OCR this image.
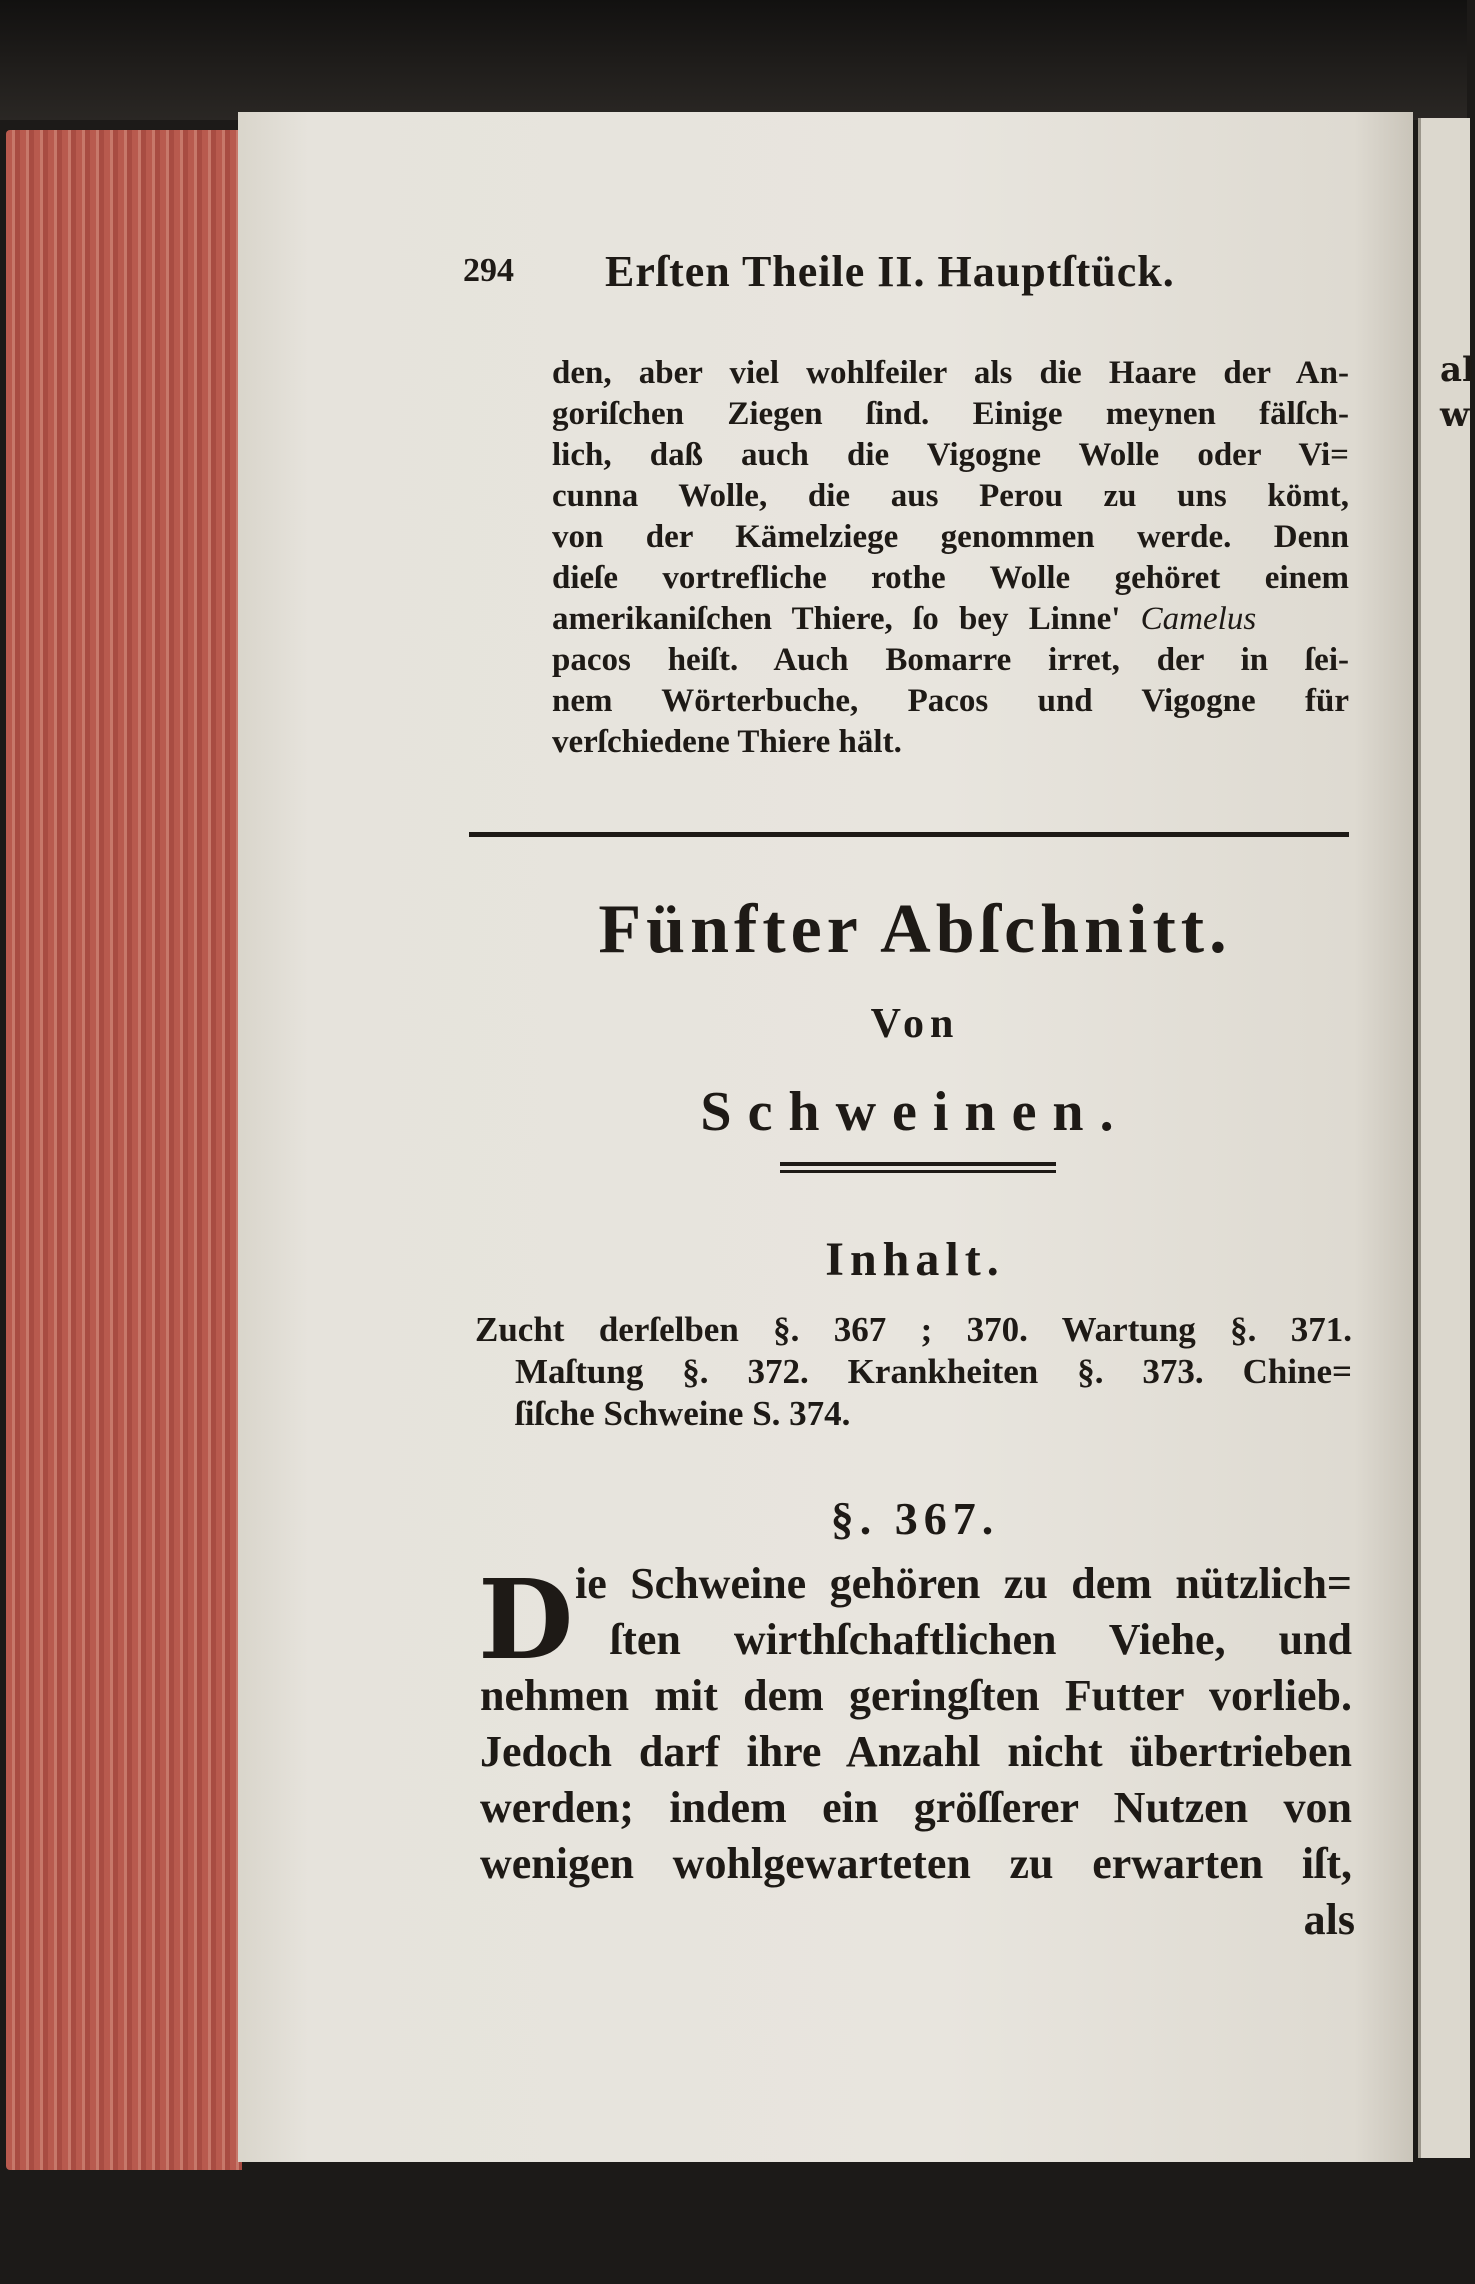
al
w
294 Erſten Theile II. Hauptſtück.
den, aber viel wohlfeiler als die Haare der An-
goriſchen Ziegen ſind. Einige meynen fälſch-
lich, daß auch die Vigogne Wolle oder Vi=
cunna Wolle, die aus Perou zu uns kömt,
von der Kämelziege genommen werde. Denn
dieſe vortrefliche rothe Wolle gehöret einem
amerikaniſchen Thiere, ſo bey Linne' Camelus
pacos heiſt. Auch Bomarre irret, der in ſei-
nem Wörterbuche, Pacos und Vigogne für
verſchiedene Thiere hält.
Fünfter Abſchnitt.
Von
Schweinen.
Inhalt.
Zucht derſelben §. 367 ; 370. Wartung §. 371.
Maſtung §. 372. Krankheiten §. 373. Chine=
ſiſche Schweine S. 374.
§. 367.
D ie Schweine gehören zu dem nützlich=
ſten wirthſchaftlichen Viehe, und
nehmen mit dem geringſten Futter vorlieb.
Jedoch darf ihre Anzahl nicht übertrieben
werden; indem ein gröſſerer Nutzen von
wenigen wohlgewarteten zu erwarten iſt,
als
